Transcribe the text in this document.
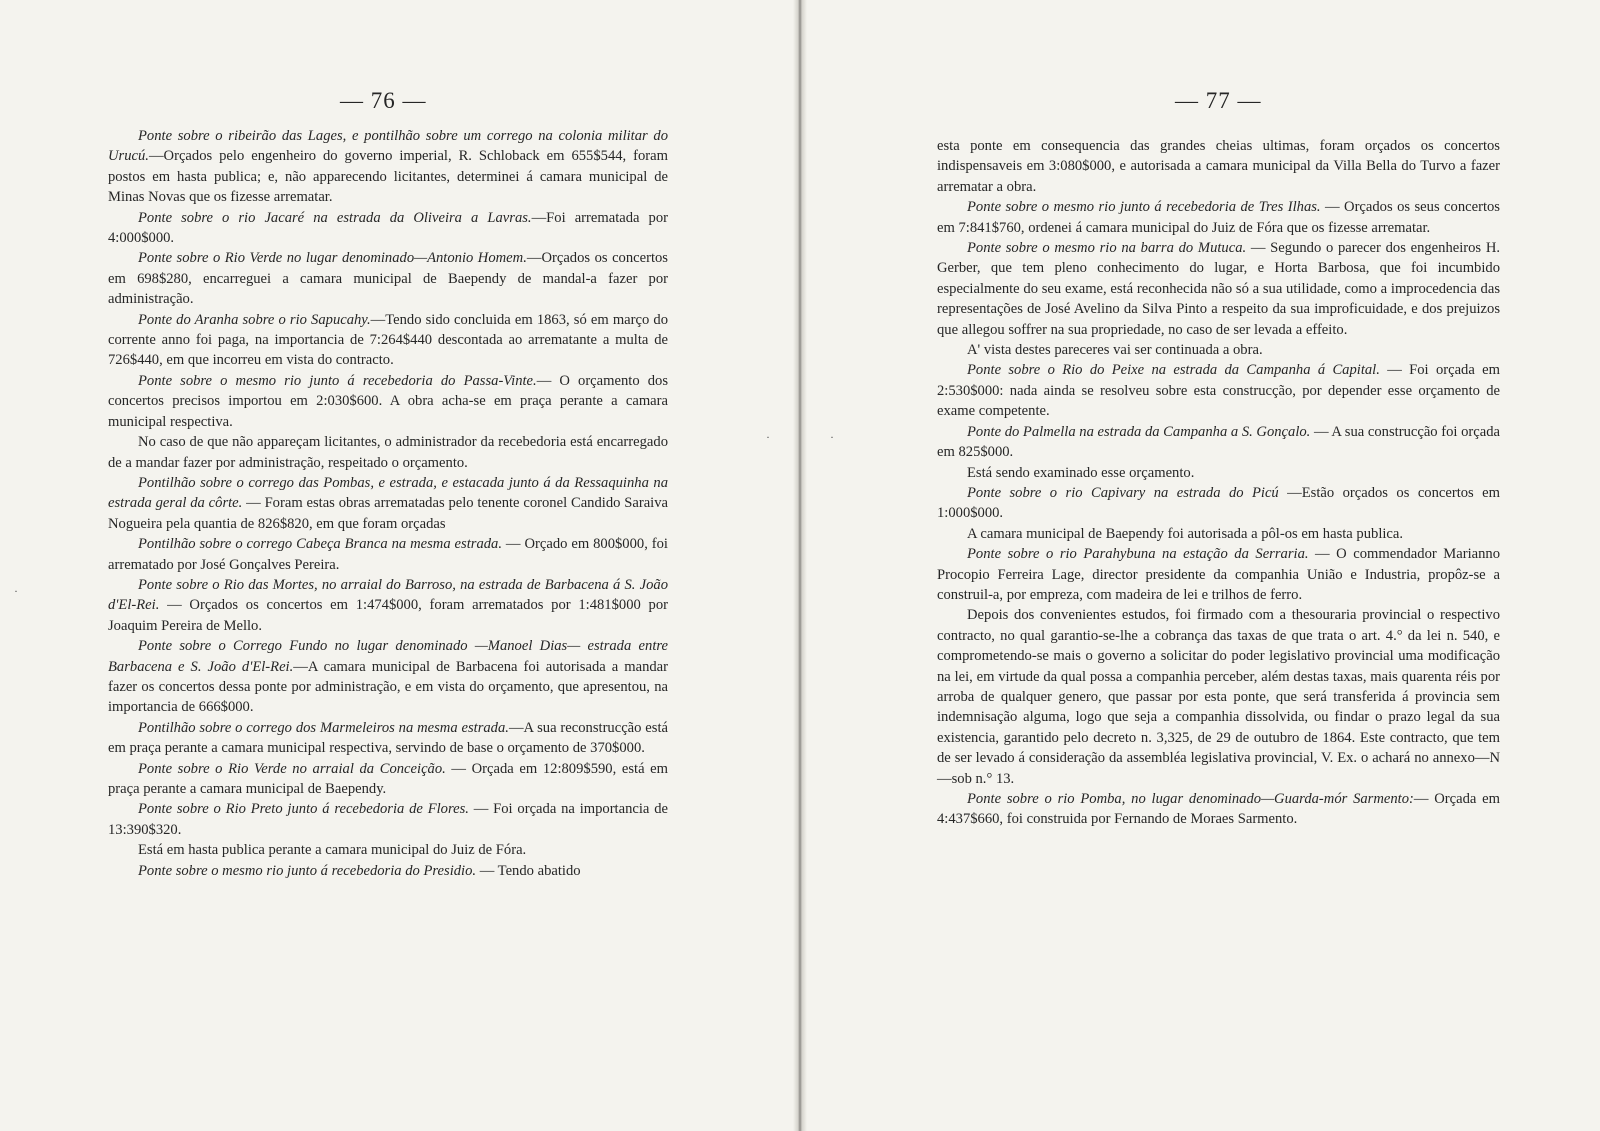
— 76 —

Ponte sobre o ribeirão das Lages, e pontilhão sobre um corrego na colonia militar do Urucú.—Orçados pelo engenheiro do governo imperial, R. Schloback em 655$544, foram postos em hasta publica; e, não apparecendo licitantes, determinei á camara municipal de Minas Novas que os fizesse arrematar.

Ponte sobre o rio Jacaré na estrada da Oliveira a Lavras.—Foi arrematada por 4:000$000.

Ponte sobre o Rio Verde no lugar denominado—Antonio Homem.—Orçados os concertos em 698$280, encarreguei a camara municipal de Baependy de mandal-a fazer por administração.

Ponte do Aranha sobre o rio Sapucahy.—Tendo sido concluida em 1863, só em março do corrente anno foi paga, na importancia de 7:264$440 descontada ao arrematante a multa de 726$440, em que incorreu em vista do contracto.

Ponte sobre o mesmo rio junto á recebedoria do Passa-Vinte.— O orçamento dos concertos precisos importou em 2:030$600. A obra acha-se em praça perante a camara municipal respectiva.

No caso de que não appareçam licitantes, o administrador da recebedoria está encarregado de a mandar fazer por administração, respeitado o orçamento.

Pontilhão sobre o corrego das Pombas, e estrada, e estacada junto á da Ressaquinha na estrada geral da côrte. — Foram estas obras arrematadas pelo tenente coronel Candido Saraiva Nogueira pela quantia de 826$820, em que foram orçadas

Pontilhão sobre o corrego Cabeça Branca na mesma estrada. — Orçado em 800$000, foi arrematado por José Gonçalves Pereira.

Ponte sobre o Rio das Mortes, no arraial do Barroso, na estrada de Barbacena á S. João d'El-Rei. — Orçados os concertos em 1:474$000, foram arrematados por 1:481$000 por Joaquim Pereira de Mello.

Ponte sobre o Corrego Fundo no lugar denominado —Manoel Dias— estrada entre Barbacena e S. João d'El-Rei.—A camara municipal de Barbacena foi autorisada a mandar fazer os concertos dessa ponte por administração, e em vista do orçamento, que apresentou, na importancia de 666$000.

Pontilhão sobre o corrego dos Marmeleiros na mesma estrada.—A sua reconstrucção está em praça perante a camara municipal respectiva, servindo de base o orçamento de 370$000.

Ponte sobre o Rio Verde no arraial da Conceição. — Orçada em 12:809$590, está em praça perante a camara municipal de Baependy.

Ponte sobre o Rio Preto junto á recebedoria de Flores. — Foi orçada na importancia de 13:390$320.

Está em hasta publica perante a camara municipal do Juiz de Fóra.

Ponte sobre o mesmo rio junto á recebedoria do Presidio. — Tendo abatido

— 77 —

esta ponte em consequencia das grandes cheias ultimas, foram orçados os concertos indispensaveis em 3:080$000, e autorisada a camara municipal da Villa Bella do Turvo a fazer arrematar a obra.

Ponte sobre o mesmo rio junto á recebedoria de Tres Ilhas. — Orçados os seus concertos em 7:841$760, ordenei á camara municipal do Juiz de Fóra que os fizesse arrematar.

Ponte sobre o mesmo rio na barra do Mutuca. — Segundo o parecer dos engenheiros H. Gerber, que tem pleno conhecimento do lugar, e Horta Barbosa, que foi incumbido especialmente do seu exame, está reconhecida não só a sua utilidade, como a improcedencia das representações de José Avelino da Silva Pinto a respeito da sua improficuidade, e dos prejuizos que allegou soffrer na sua propriedade, no caso de ser levada a effeito.

A' vista destes pareceres vai ser continuada a obra.

Ponte sobre o Rio do Peixe na estrada da Campanha á Capital. — Foi orçada em 2:530$000: nada ainda se resolveu sobre esta construcção, por depender esse orçamento de exame competente.

Ponte do Palmella na estrada da Campanha a S. Gonçalo. — A sua construcção foi orçada em 825$000.

Está sendo examinado esse orçamento.

Ponte sobre o rio Capivary na estrada do Picú —Estão orçados os concertos em 1:000$000.

A camara municipal de Baependy foi autorisada a pôl-os em hasta publica.

Ponte sobre o rio Parahybuna na estação da Serraria. — O commendador Marianno Procopio Ferreira Lage, director presidente da companhia União e Industria, propôz-se a construil-a, por empreza, com madeira de lei e trilhos de ferro.

Depois dos convenientes estudos, foi firmado com a thesouraria provincial o respectivo contracto, no qual garantio-se-lhe a cobrança das taxas de que trata o art. 4.° da lei n. 540, e comprometendo-se mais o governo a solicitar do poder legislativo provincial uma modificação na lei, em virtude da qual possa a companhia perceber, além destas taxas, mais quarenta réis por arroba de qualquer genero, que passar por esta ponte, que será transferida á provincia sem indemnisação alguma, logo que seja a companhia dissolvida, ou findar o prazo legal da sua existencia, garantido pelo decreto n. 3,325, de 29 de outubro de 1864. Este contracto, que tem de ser levado á consideração da assembléa legislativa provincial, V. Ex. o achará no annexo—N—sob n.° 13.

Ponte sobre o rio Pomba, no lugar denominado—Guarda-mór Sarmento:— Orçada em 4:437$660, foi construida por Fernando de Moraes Sarmento.

·
·	·
